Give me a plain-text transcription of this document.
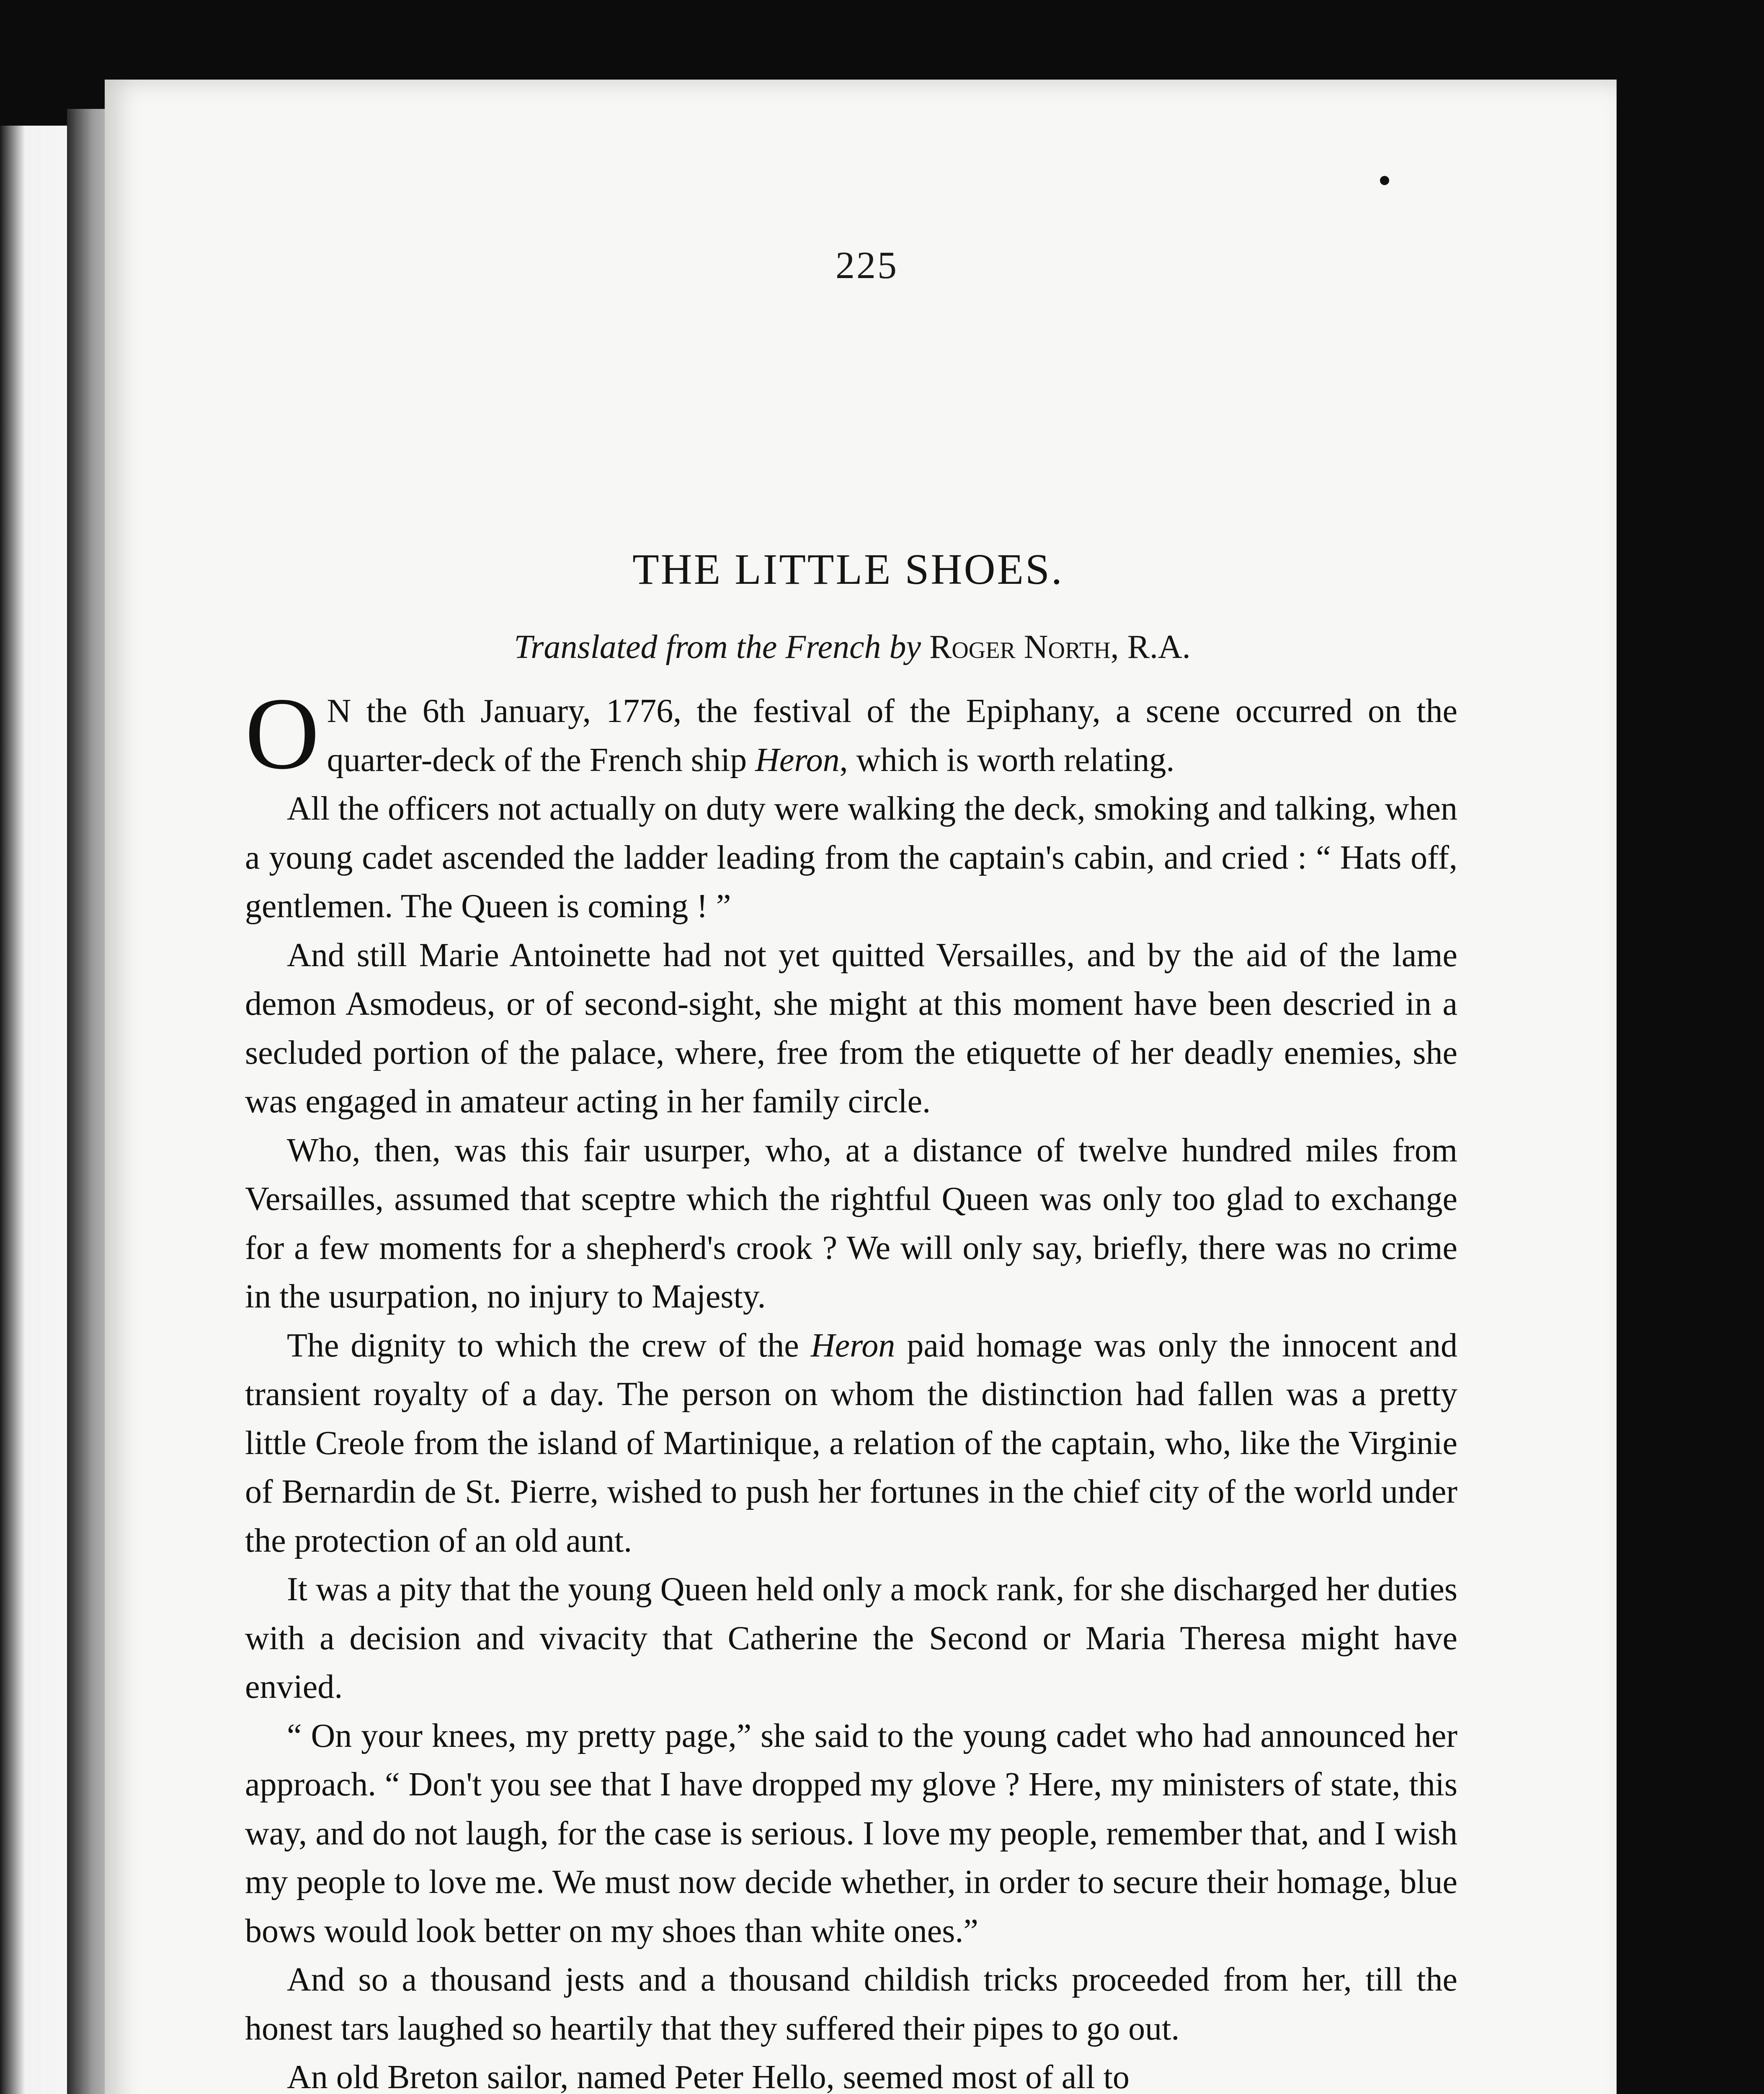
225
THE LITTLE SHOES.
Translated from the French by Roger North, R.A.

O N the 6th January, 1776, the festival of the Epiphany, a scene occurred on the quarter-deck of the French ship Heron, which is worth relating.

All the officers not actually on duty were walking the deck, smoking and talking, when a young cadet ascended the ladder leading from the captain's cabin, and cried : “ Hats off, gentlemen. The Queen is coming ! ”

And still Marie Antoinette had not yet quitted Versailles, and by the aid of the lame demon Asmodeus, or of second-sight, she might at this moment have been descried in a secluded portion of the palace, where, free from the etiquette of her deadly enemies, she was engaged in amateur acting in her family circle.

Who, then, was this fair usurper, who, at a distance of twelve hundred miles from Versailles, assumed that sceptre which the rightful Queen was only too glad to exchange for a few moments for a shepherd's crook ? We will only say, briefly, there was no crime in the usurpation, no injury to Majesty.

The dignity to which the crew of the Heron paid homage was only the innocent and transient royalty of a day. The person on whom the distinction had fallen was a pretty little Creole from the island of Martinique, a relation of the captain, who, like the Virginie of Bernardin de St. Pierre, wished to push her fortunes in the chief city of the world under the protection of an old aunt.

It was a pity that the young Queen held only a mock rank, for she discharged her duties with a decision and vivacity that Catherine the Second or Maria Theresa might have envied.

“ On your knees, my pretty page,” she said to the young cadet who had announced her approach. “ Don't you see that I have dropped my glove ? Here, my ministers of state, this way, and do not laugh, for the case is serious. I love my people, remember that, and I wish my people to love me. We must now decide whether, in order to secure their homage, blue bows would look better on my shoes than white ones.”

And so a thousand jests and a thousand childish tricks proceeded from her, till the honest tars laughed so heartily that they suffered their pipes to go out.

An old Breton sailor, named Peter Hello, seemed most of all to
